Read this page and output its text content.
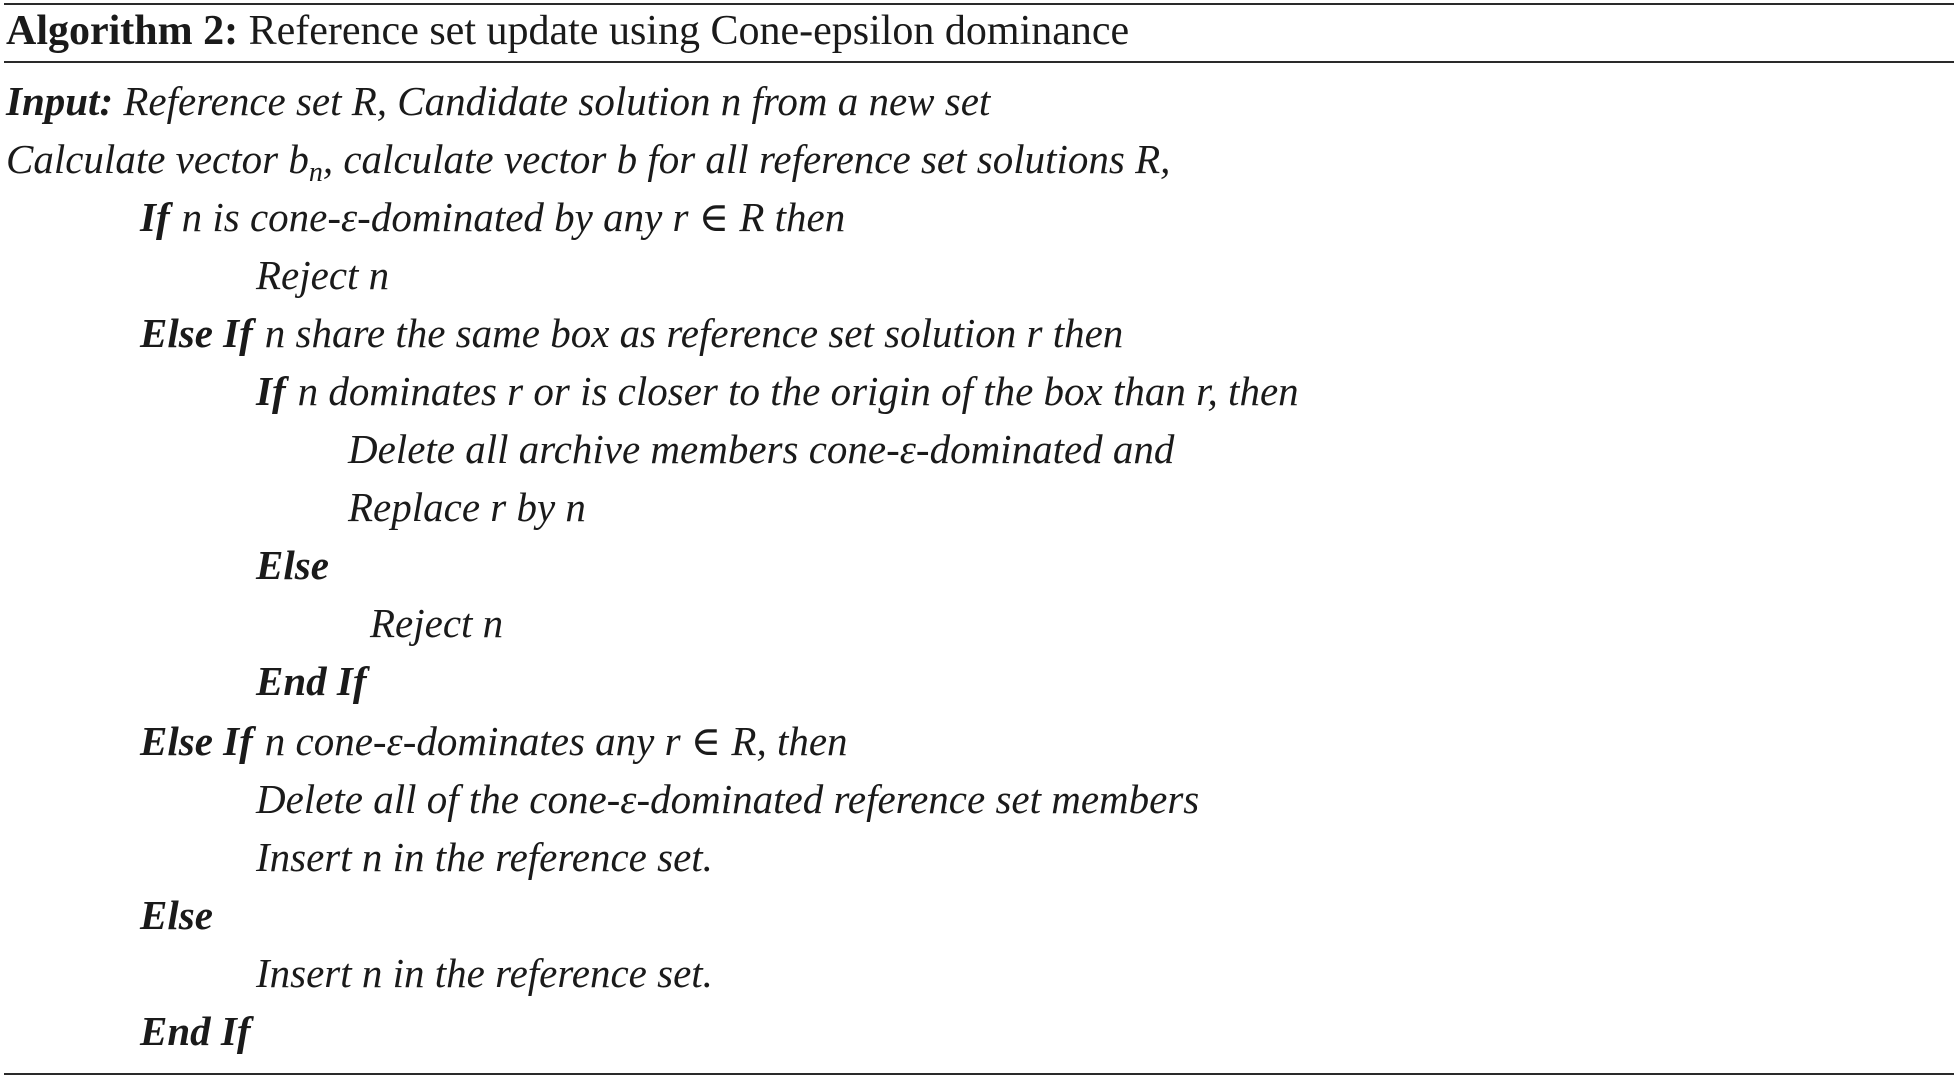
Algorithm 2: Reference set update using Cone-epsilon dominance
Input: Reference set R, Candidate solution n from a new set
Calculate vector $b_n$, calculate vector b for all reference set solutions R,
If n is cone-ε-dominated by any r ∈ R then
Reject n
Else If n share the same box as reference set solution r then
If n dominates r or is closer to the origin of the box than r, then
Delete all archive members cone-ε-dominated and
Replace r by n
Else
Reject n
End If
Else If n cone-ε-dominates any r ∈ R, then
Delete all of the cone-ε-dominated reference set members
Insert n in the reference set.
Else
Insert n in the reference set.
End If
